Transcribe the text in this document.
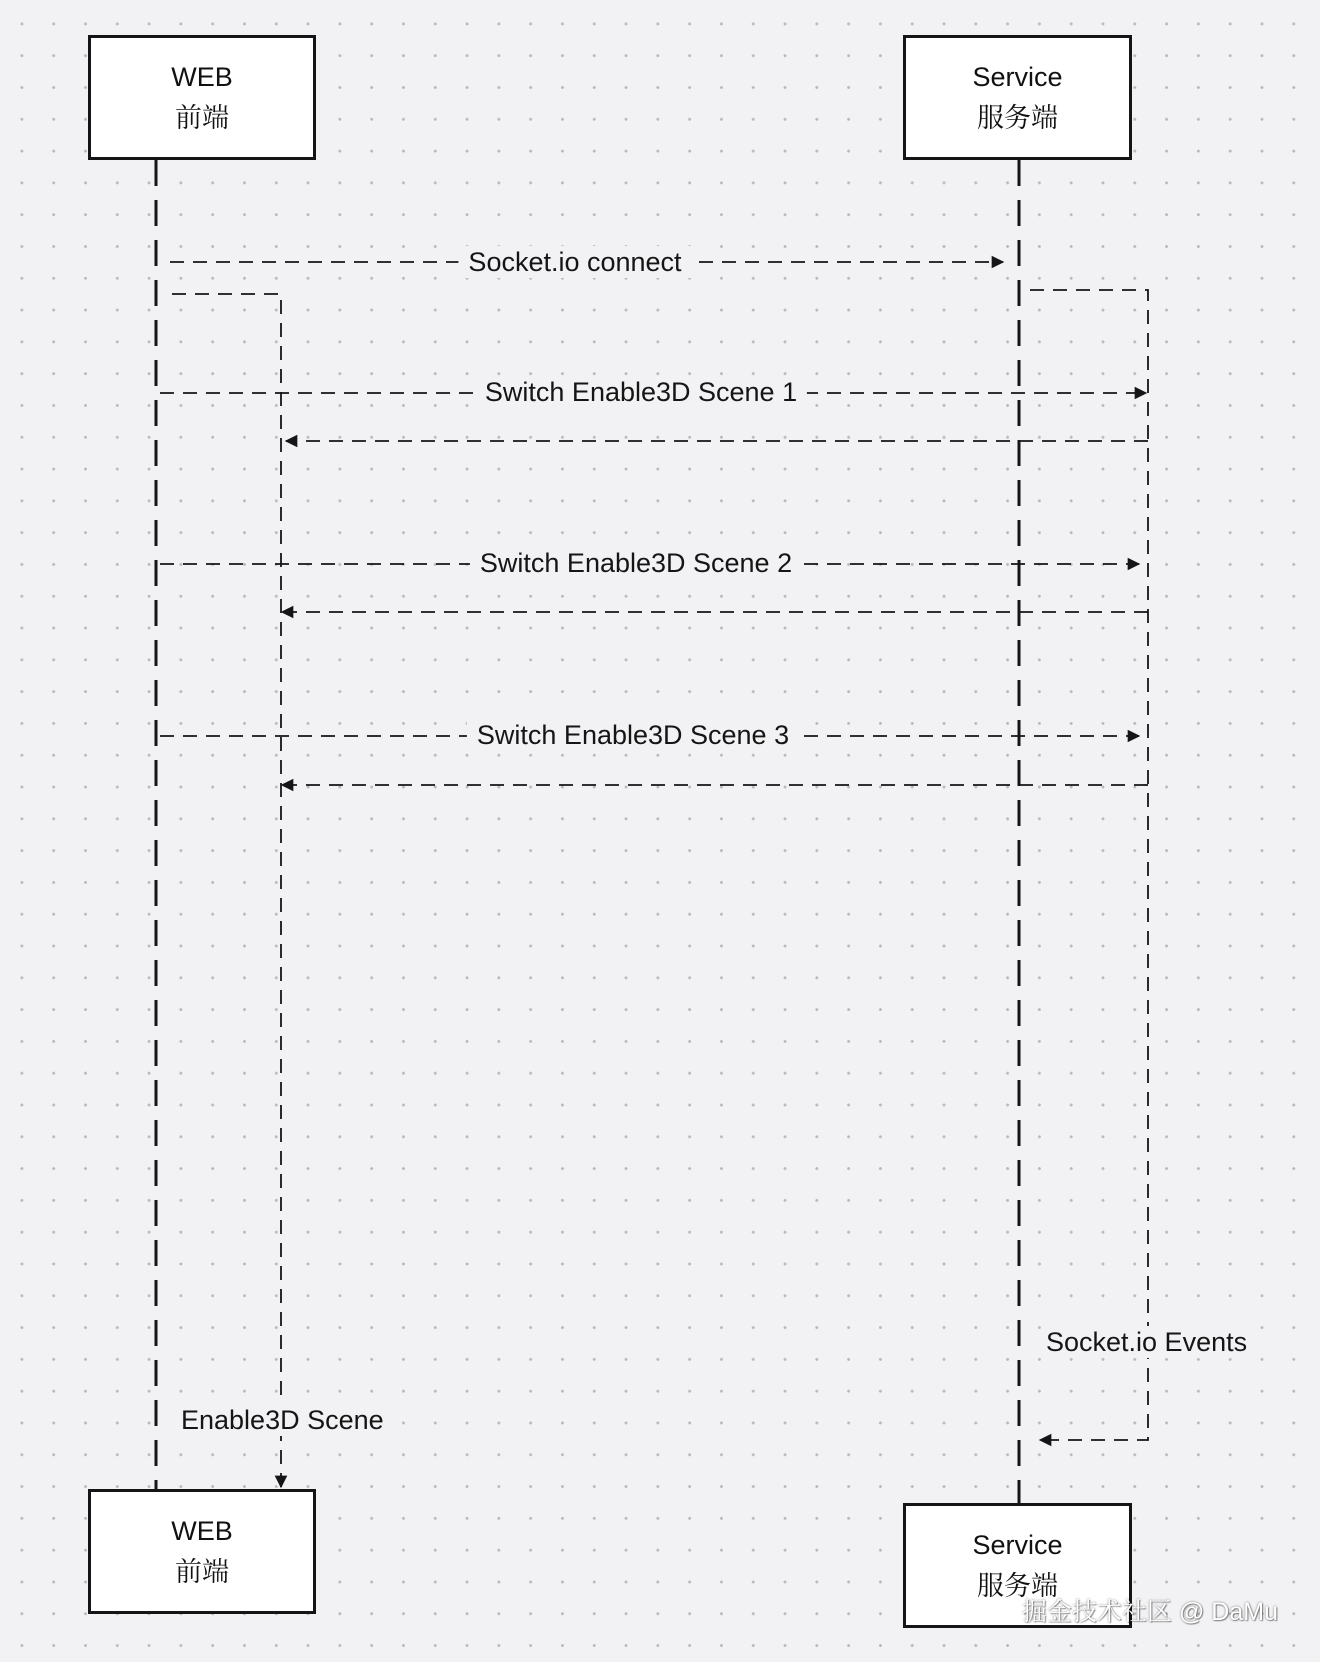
WEB
前端
Service
服务端
WEB
前端
Service
服务端
Socket.io connect
Switch Enable3D Scene 1
Switch Enable3D Scene 2
Switch Enable3D Scene 3
Enable3D Scene
Socket.io Events
掘金技术社区 @ DaMu
